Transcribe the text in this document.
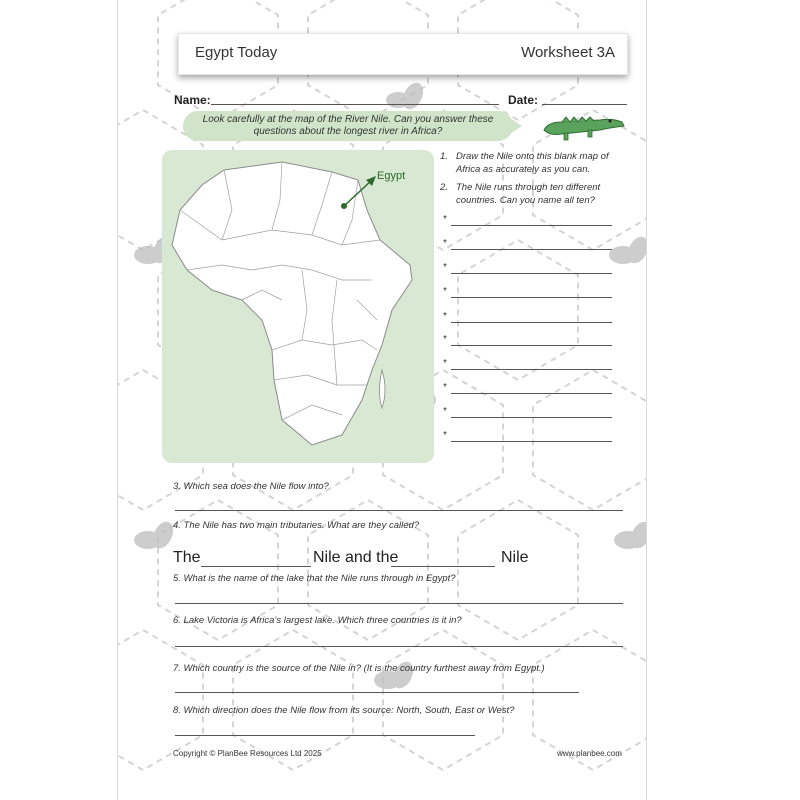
Egypt Today	Worksheet 3A
Name:	Date:
Look carefully at the map of the River Nile. Can you answer these
questions about the longest river in Africa?
Egypt
1. Draw the Nile onto this blank map of
Africa as accurately as you can.
2. The Nile runs through ten different
countries. Can you name all ten?
*
*
*
*
*
*
*
*
*
*
3. Which sea does the Nile flow into?
4. The Nile has two main tributaries. What are they called?
The	Nile and the	Nile
5. What is the name of the lake that the Nile runs through in Egypt?
6. Lake Victoria is Africa’s largest lake. Which three countries is it in?
7. Which country is the source of the Nile in? (It is the country furthest away from Egypt.)
8. Which direction does the Nile flow from its source: North, South, East or West?
Copyright © PlanBee Resources Ltd 2025	www.planbee.com
